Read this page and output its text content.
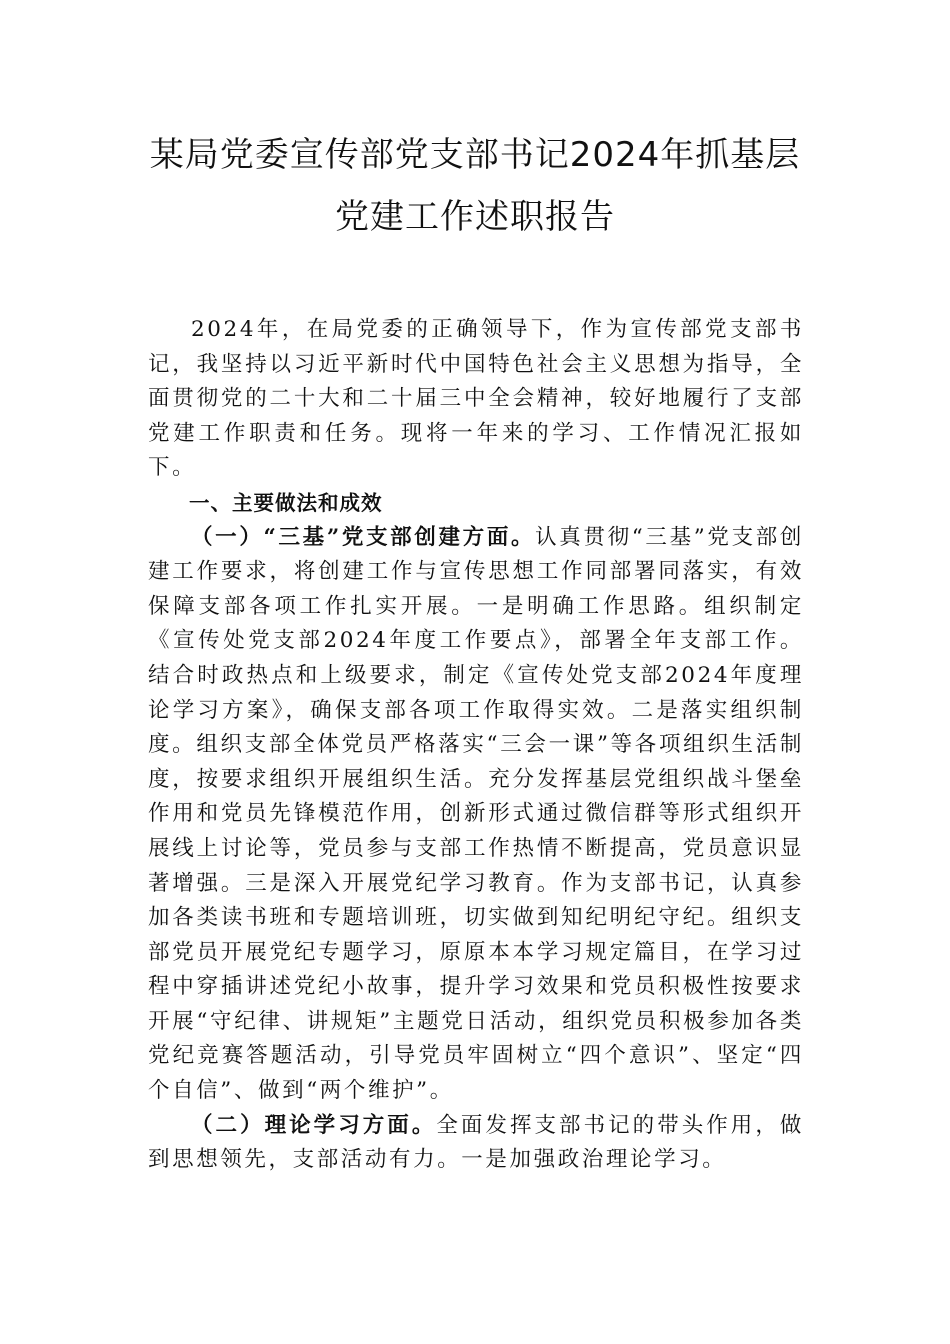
某局党委宣传部党支部书记2024年抓基层
党建工作述职报告

2024年，在局党委的正确领导下，作为宣传部党支部书记，我坚持以习近平新时代中国特色社会主义思想为指导，全面贯彻党的二十大和二十届三中全会精神，较好地履行了支部党建工作职责和任务。现将一年来的学习、工作情况汇报如下。

一、主要做法和成效

（一）“三基”党支部创建方面。认真贯彻“三基”党支部创建工作要求，将创建工作与宣传思想工作同部署同落实，有效保障支部各项工作扎实开展。一是明确工作思路。组织制定《宣传处党支部2024年度工作要点》，部署全年支部工作。结合时政热点和上级要求，制定《宣传处党支部2024年度理论学习方案》，确保支部各项工作取得实效。二是落实组织制度。组织支部全体党员严格落实“三会一课”等各项组织生活制度，按要求组织开展组织生活。充分发挥基层党组织战斗堡垒作用和党员先锋模范作用，创新形式通过微信群等形式组织开展线上讨论等，党员参与支部工作热情不断提高，党员意识显著增强。三是深入开展党纪学习教育。作为支部书记，认真参加各类读书班和专题培训班，切实做到知纪明纪守纪。组织支部党员开展党纪专题学习，原原本本学习规定篇目，在学习过程中穿插讲述党纪小故事，提升学习效果和党员积极性按要求开展“守纪律、讲规矩”主题党日活动，组织党员积极参加各类党纪竞赛答题活动，引导党员牢固树立“四个意识”、坚定“四个自信”、做到“两个维护”。

（二）理论学习方面。全面发挥支部书记的带头作用，做到思想领先，支部活动有力。一是加强政治理论学习。
